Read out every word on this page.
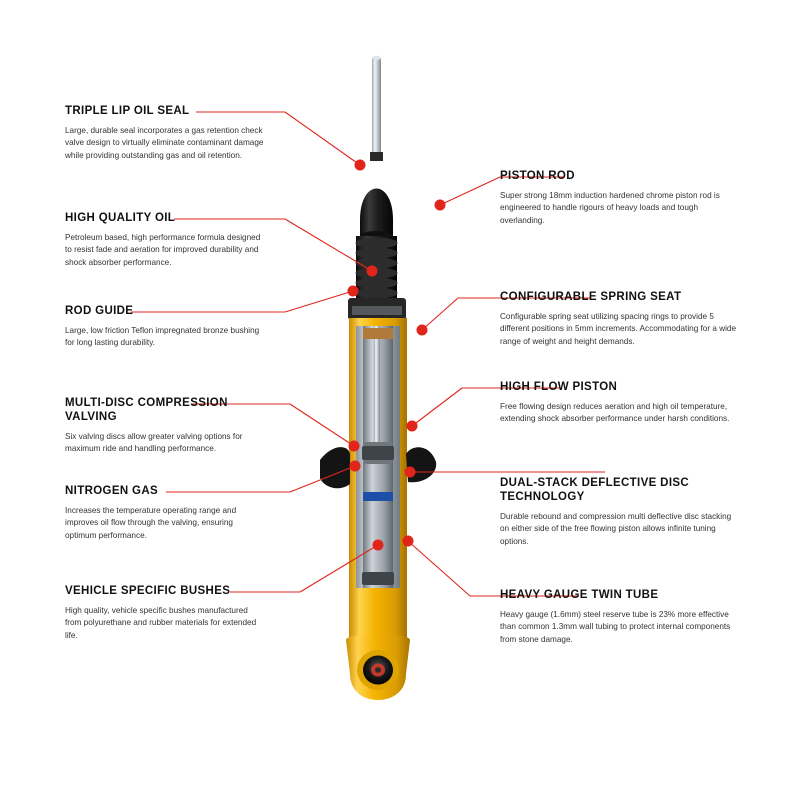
TRIPLE LIP OIL SEAL

Large, durable seal incorporates a gas retention check valve design to virtually eliminate contaminant damage while providing outstanding gas and oil retention.

HIGH QUALITY OIL

Petroleum based, high performance formula designed to resist fade and aeration for improved durability and shock absorber performance.

ROD GUIDE

Large, low friction Teflon impregnated bronze bushing for long lasting durability.

MULTI-DISC COMPRESSION VALVING

Six valving discs allow greater valving options for maximum ride and handling performance.

NITROGEN GAS

Increases the temperature operating range and improves oil flow through the valving, ensuring optimum performance.

VEHICLE SPECIFIC BUSHES

High quality, vehicle specific bushes manufactured from polyurethane and rubber materials for extended life.

PISTON ROD

Super strong 18mm induction hardened chrome piston rod is engineered to handle rigours of heavy loads and tough overlanding.

CONFIGURABLE SPRING SEAT

Configurable spring seat utilizing spacing rings to provide 5 different positions in 5mm increments. Accommodating for a wide range of weight and height demands.

HIGH FLOW PISTON

Free flowing design reduces aeration and high oil temperature, extending shock absorber performance under harsh conditions.

DUAL-STACK DEFLECTIVE DISC TECHNOLOGY

Durable rebound and compression multi deflective disc stacking on either side of the free flowing piston allows infinite tuning options.

HEAVY GAUGE TWIN TUBE

Heavy gauge (1.6mm) steel reserve tube is 23% more effective than common 1.3mm wall tubing to protect internal components from stone damage.
